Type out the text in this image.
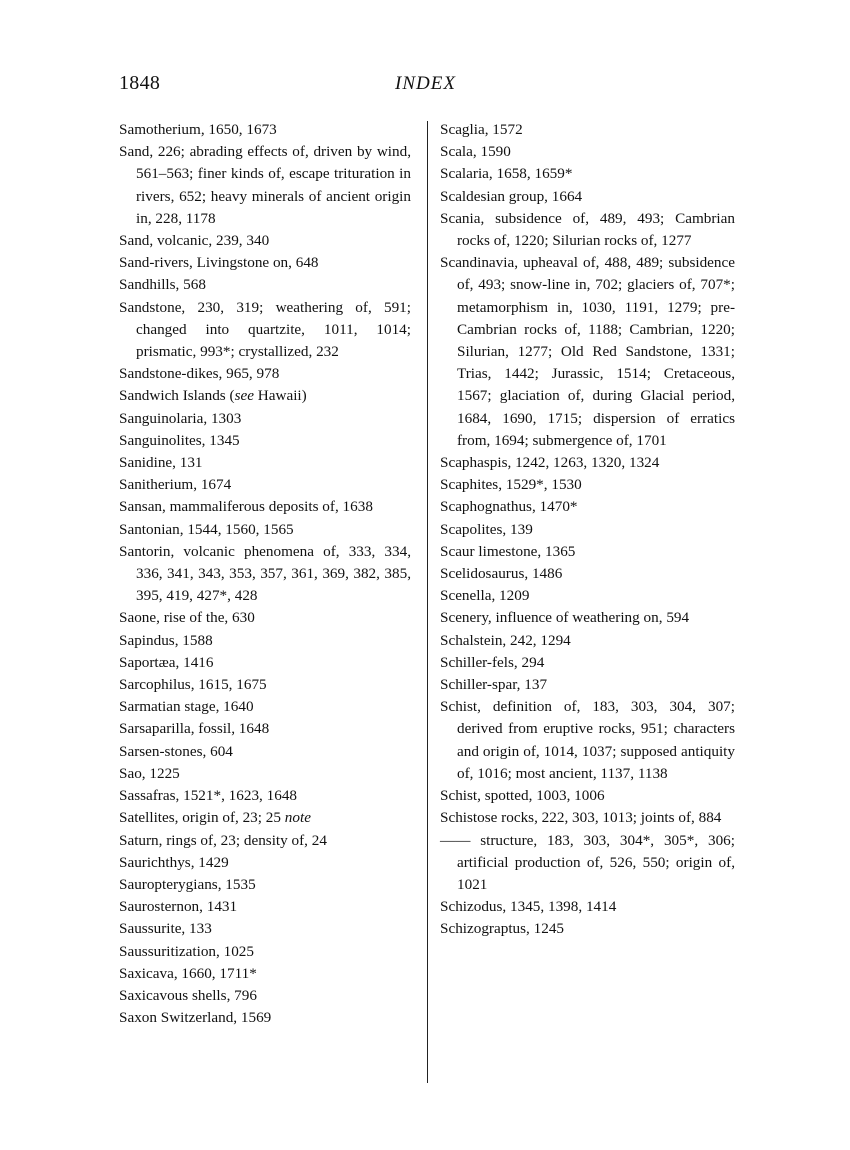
1848	INDEX
Samotherium, 1650, 1673
Sand, 226; abrading effects of, driven by wind, 561–563; finer kinds of, escape trituration in rivers, 652; heavy minerals of ancient origin in, 228, 1178
Sand, volcanic, 239, 340
Sand-rivers, Livingstone on, 648
Sandhills, 568
Sandstone, 230, 319; weathering of, 591; changed into quartzite, 1011, 1014; prismatic, 993*; crystallized, 232
Sandstone-dikes, 965, 978
Sandwich Islands (see Hawaii)
Sanguinolaria, 1303
Sanguinolites, 1345
Sanidine, 131
Sanitherium, 1674
Sansan, mammaliferous deposits of, 1638
Santonian, 1544, 1560, 1565
Santorin, volcanic phenomena of, 333, 334, 336, 341, 343, 353, 357, 361, 369, 382, 385, 395, 419, 427*, 428
Saone, rise of the, 630
Sapindus, 1588
Saportæa, 1416
Sarcophilus, 1615, 1675
Sarmatian stage, 1640
Sarsaparilla, fossil, 1648
Sarsen-stones, 604
Sao, 1225
Sassafras, 1521*, 1623, 1648
Satellites, origin of, 23; 25 note
Saturn, rings of, 23; density of, 24
Saurichthys, 1429
Sauropterygians, 1535
Saurosternon, 1431
Saussurite, 133
Saussuritization, 1025
Saxicava, 1660, 1711*
Saxicavous shells, 796
Saxon Switzerland, 1569
Scaglia, 1572
Scala, 1590
Scalaria, 1658, 1659*
Scaldesian group, 1664
Scania, subsidence of, 489, 493; Cambrian rocks of, 1220; Silurian rocks of, 1277
Scandinavia, upheaval of, 488, 489; subsidence of, 493; snow-line in, 702; glaciers of, 707*; metamorphism in, 1030, 1191, 1279; pre-Cambrian rocks of, 1188; Cambrian, 1220; Silurian, 1277; Old Red Sandstone, 1331; Trias, 1442; Jurassic, 1514; Cretaceous, 1567; glaciation of, during Glacial period, 1684, 1690, 1715; dispersion of erratics from, 1694; submergence of, 1701
Scaphaspis, 1242, 1263, 1320, 1324
Scaphites, 1529*, 1530
Scaphognathus, 1470*
Scapolites, 139
Scaur limestone, 1365
Scelidosaurus, 1486
Scenella, 1209
Scenery, influence of weathering on, 594
Schalstein, 242, 1294
Schiller-fels, 294
Schiller-spar, 137
Schist, definition of, 183, 303, 304, 307; derived from eruptive rocks, 951; characters and origin of, 1014, 1037; supposed antiquity of, 1016; most ancient, 1137, 1138
Schist, spotted, 1003, 1006
Schistose rocks, 222, 303, 1013; joints of, 884
—— structure, 183, 303, 304*, 305*, 306; artificial production of, 526, 550; origin of, 1021
Schizodus, 1345, 1398, 1414
Schizograptus, 1245
